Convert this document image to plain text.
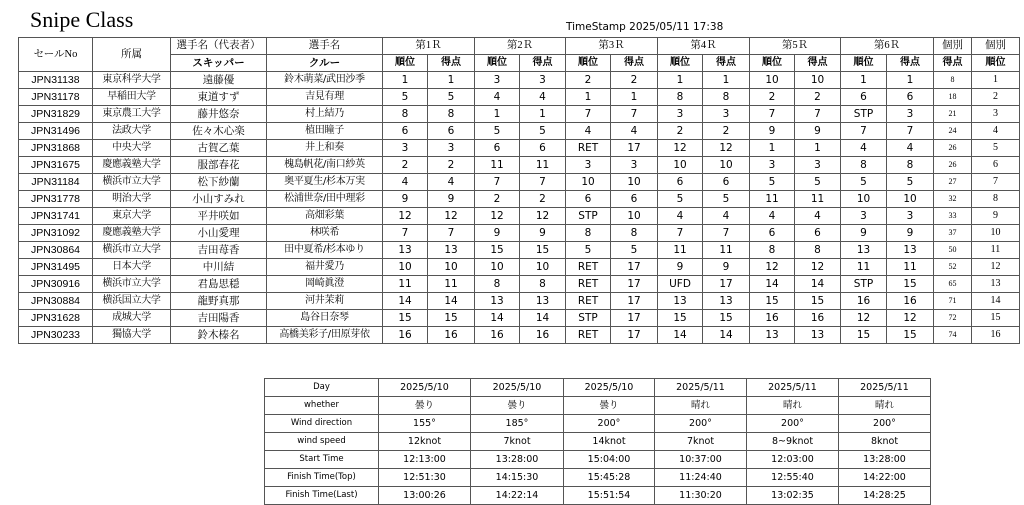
Snipe Class	TimeStamp 2025/05/11 17:38
セールNo	所属	選手名（代表者）	選手名	第1Ｒ		第2Ｒ		第3Ｒ		第4Ｒ		第5Ｒ		第6Ｒ		個別	個別
		スキッパー	クルー	順位	得点	順位	得点	順位	得点	順位	得点	順位	得点	順位	得点	得点	順位
JPN31138	東京科学大学	遠藤優	鈴木萌菜/武田沙季	1	1	3	3	2	2	1	1	10	10	1	1	8	1
JPN31178	早稲田大学	東道すず	吉見有理	5	5	4	4	1	1	8	8	2	2	6	6	18	2
JPN31829	東京農工大学	藤井悠奈	村上結乃	8	8	1	1	7	7	3	3	7	7	STP	3	21	3
JPN31496	法政大学	佐々木心楽	植田瞳子	6	6	5	5	4	4	2	2	9	9	7	7	24	4
JPN31868	中央大学	古賀乙葉	井上和奏	3	3	6	6	RET	17	12	12	1	1	4	4	26	5
JPN31675	慶應義塾大学	服部春花	槐島帆花/南口紗英	2	2	11	11	3	3	10	10	3	3	8	8	26	6
JPN31184	横浜市立大学	松下紗蘭	奥平夏生/杉本万実	4	4	7	7	10	10	6	6	5	5	5	5	27	7
JPN31778	明治大学	小山すみれ	松浦世奈/田中理彩	9	9	2	2	6	6	5	5	11	11	10	10	32	8
JPN31741	東京大学	平井咲如	高畑彩葉	12	12	12	12	STP	10	4	4	4	4	3	3	33	9
JPN31092	慶應義塾大学	小山愛理	林咲希	7	7	9	9	8	8	7	7	6	6	9	9	37	10
JPN30864	横浜市立大学	吉田苺香	田中夏希/杉本ゆり	13	13	15	15	5	5	11	11	8	8	13	13	50	11
JPN31495	日本大学	中川結	福井愛乃	10	10	10	10	RET	17	9	9	12	12	11	11	52	12
JPN30916	横浜市立大学	君島思穏	岡崎眞澄	11	11	8	8	RET	17	UFD	17	14	14	STP	15	65	13
JPN30884	横浜国立大学	龍野真那	河井茉莉	14	14	13	13	RET	17	13	13	15	15	16	16	71	14
JPN31628	成城大学	吉田陽香	島谷日奈琴	15	15	14	14	STP	17	15	15	16	16	12	12	72	15
JPN30233	獨協大学	鈴木榛名	高橋美彩子/田原芽依	16	16	16	16	RET	17	14	14	13	13	15	15	74	16
Day	2025/5/10	2025/5/10	2025/5/10	2025/5/11	2025/5/11	2025/5/11
whether	曇り	曇り	曇り	晴れ	晴れ	晴れ
Wind direction	155°	185°	200°	200°	200°	200°
wind speed	12knot	7knot	14knot	7knot	8~9knot	8knot
Start Time	12:13:00	13:28:00	15:04:00	10:37:00	12:03:00	13:28:00
Finish Time(Top)	12:51:30	14:15:30	15:45:28	11:24:40	12:55:40	14:22:00
Finish Time(Last)	13:00:26	14:22:14	15:51:54	11:30:20	13:02:35	14:28:25
